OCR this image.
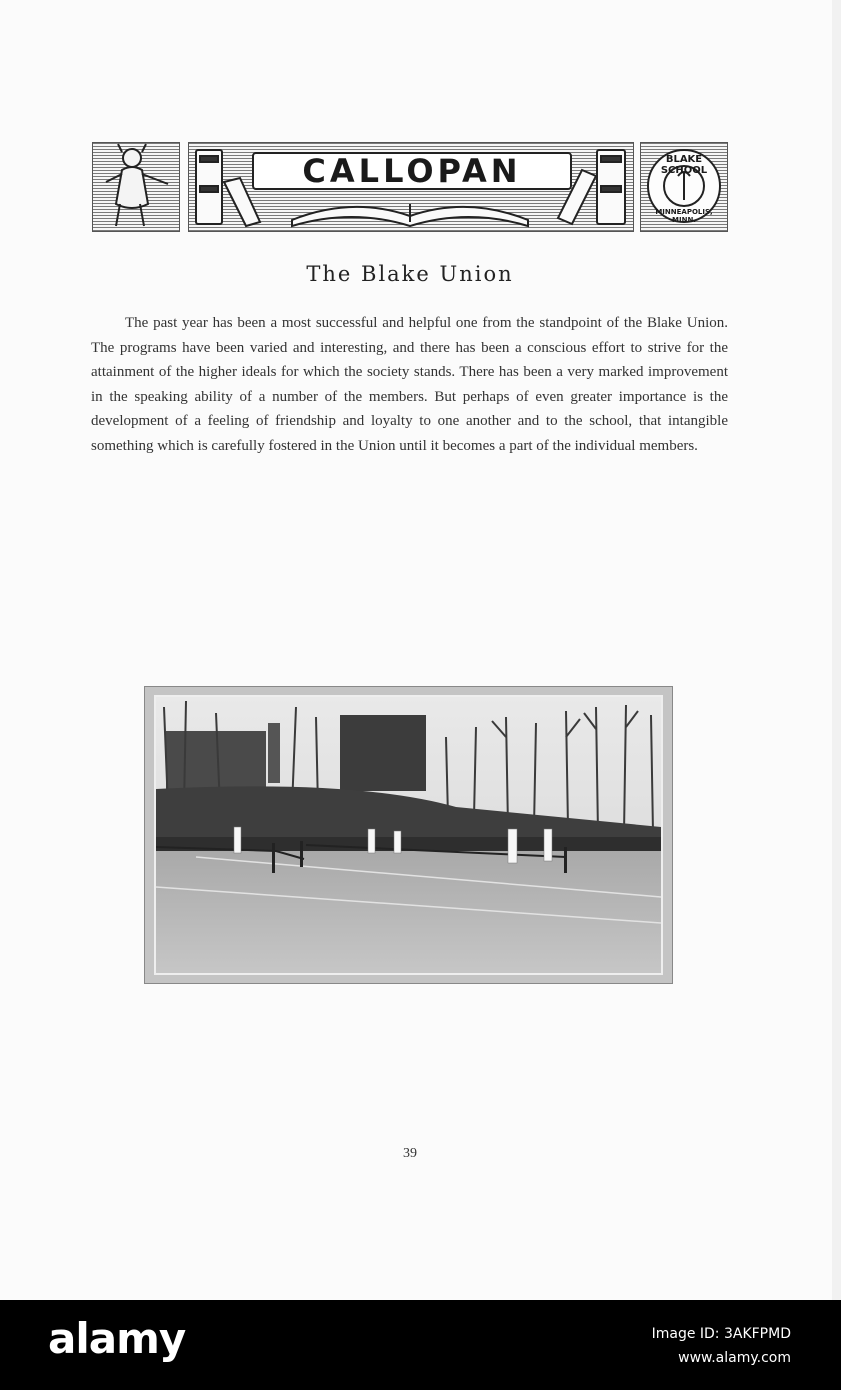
CALLOPAN	BLAKE SCHOOL
MINNEAPOLIS, MINN.
The Blake Union

The past year has been a most successful and helpful one from the standpoint of the Blake Union. The programs have been varied and interesting, and there has been a conscious effort to strive for the attainment of the higher ideals for which the society stands. There has been a very marked improvement in the speaking ability of a number of the members. But perhaps of even greater importance is the development of a feeling of friendship and loyalty to one another and to the school, that intangible something which is carefully fostered in the Union until it becomes a part of the individual members.

39
alamy	Image ID: 3AKFPMD
www.alamy.com
